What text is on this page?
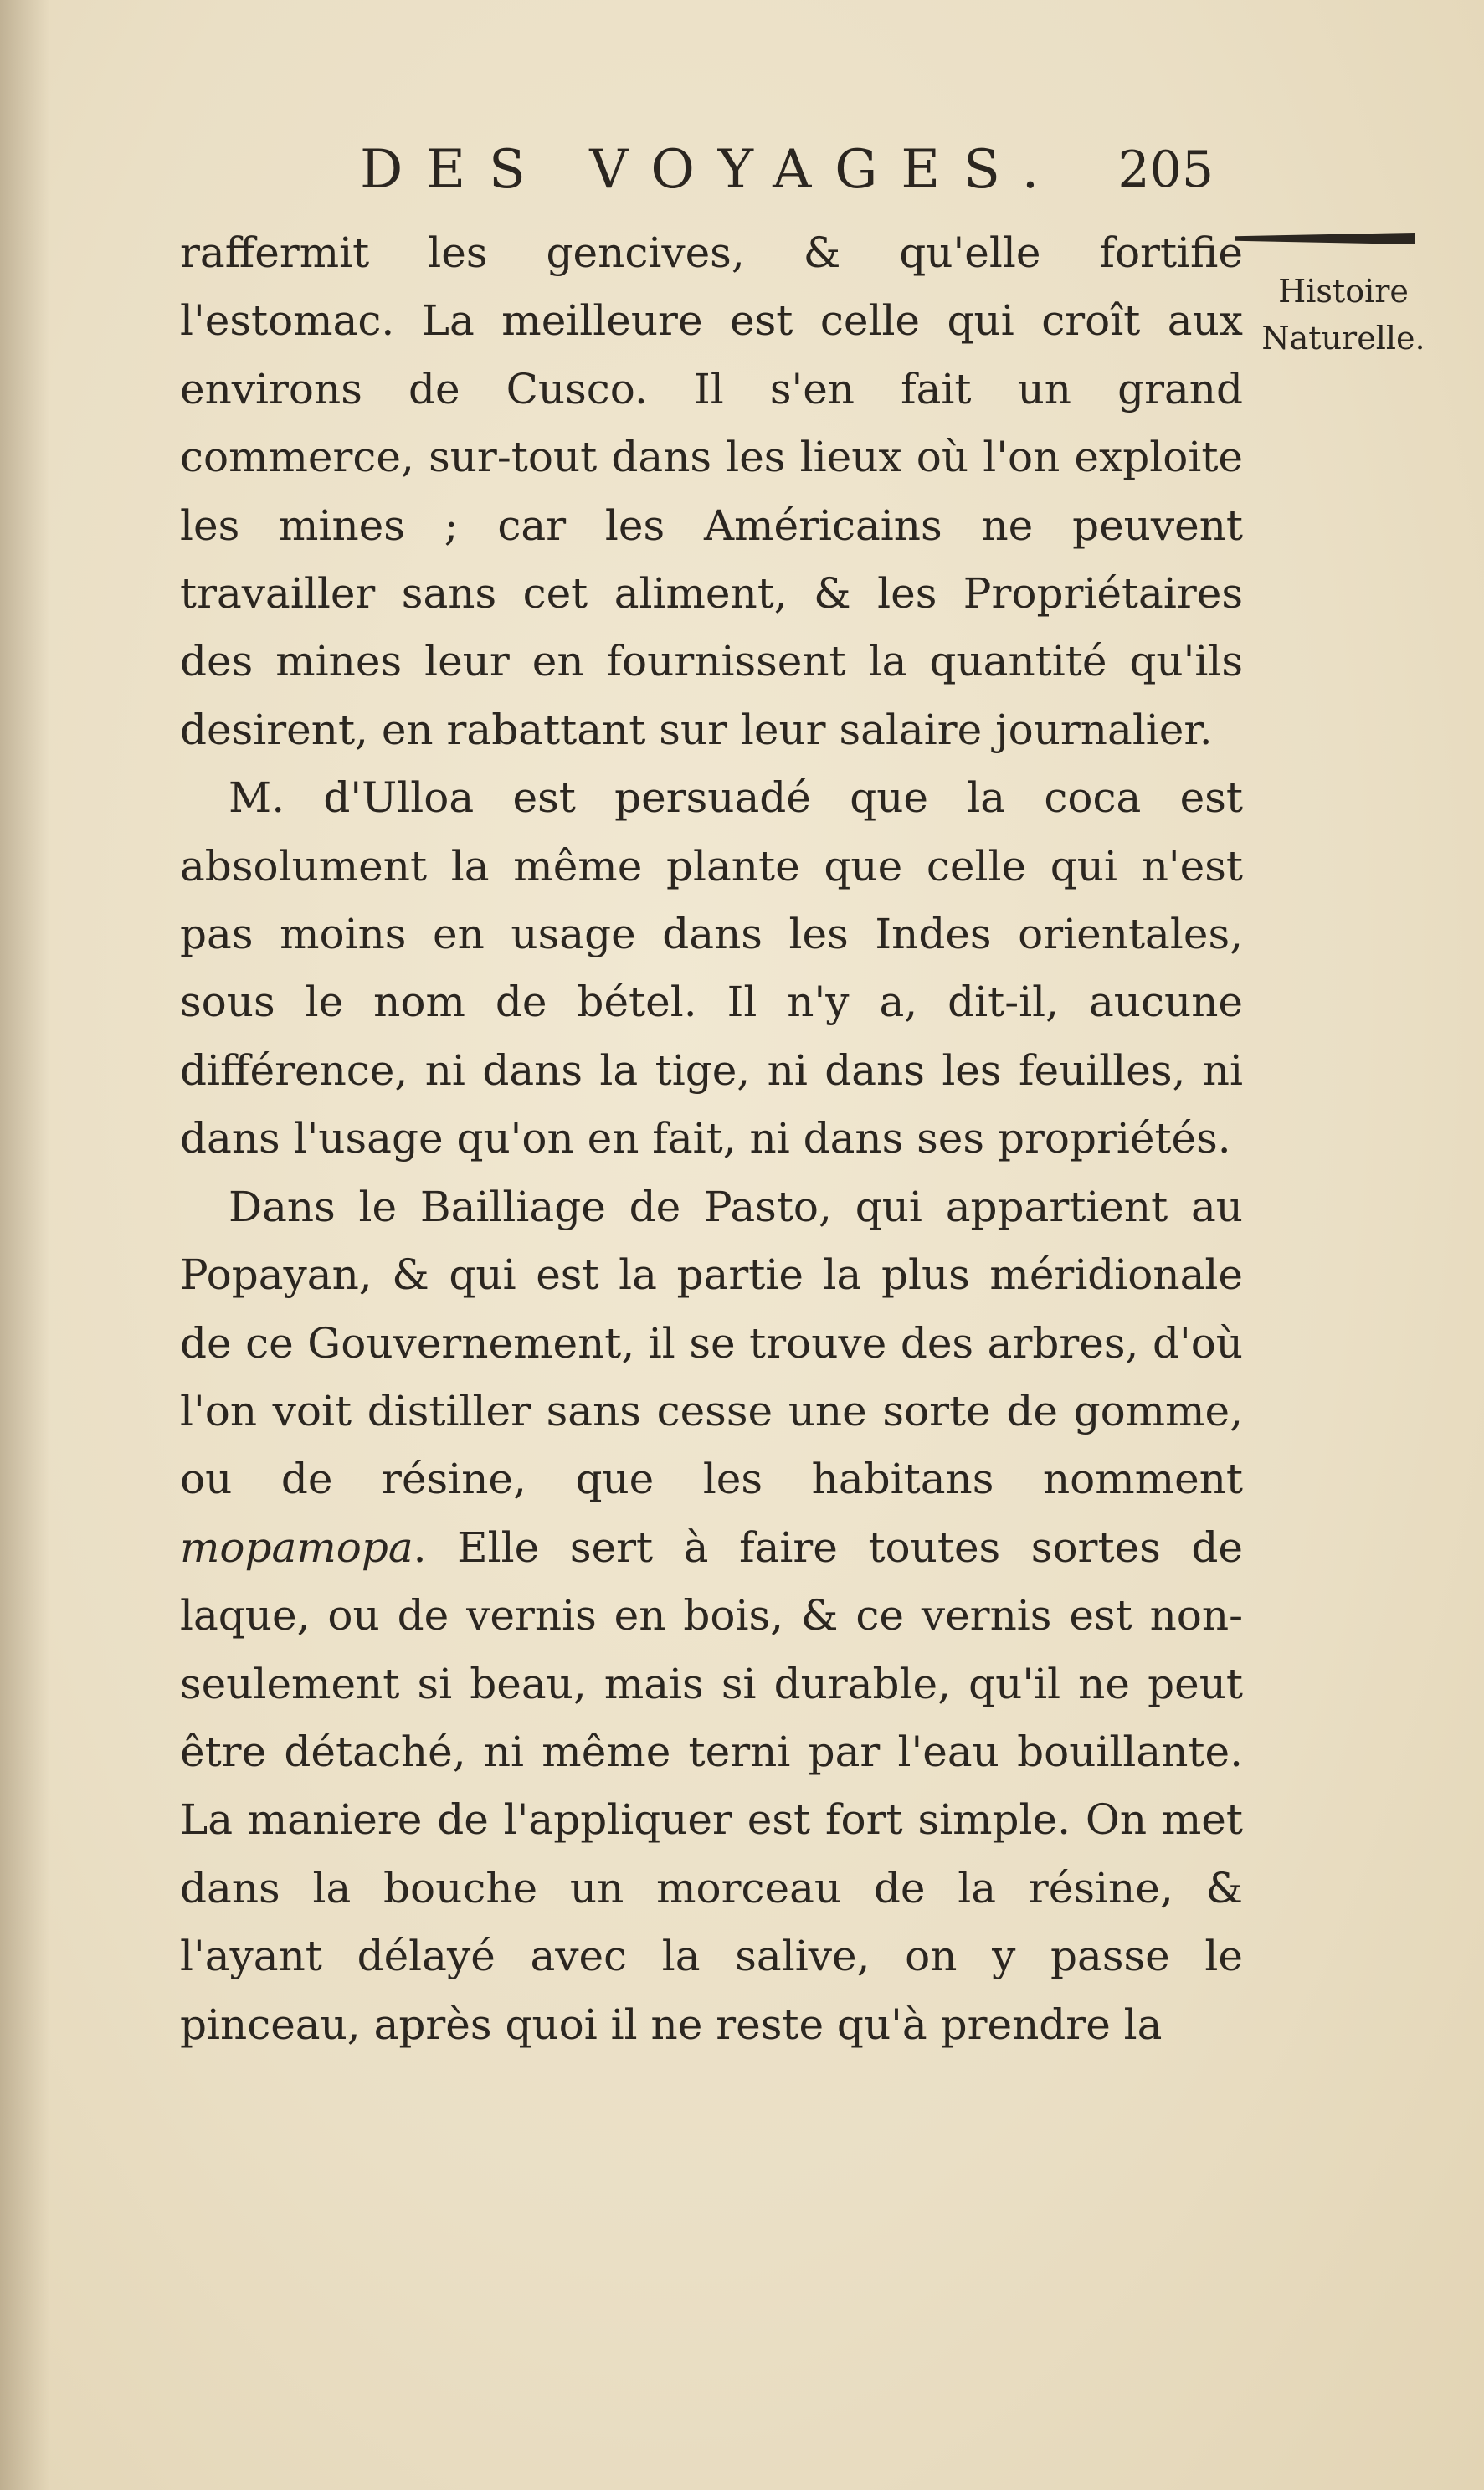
DES VOYAGES. 205
Histoire
Naturelle.

raffermit les gencives, & qu'elle fortifie l'estomac. La meilleure est celle qui croît aux environs de Cusco. Il s'en fait un grand commerce, sur-tout dans les lieux où l'on exploite les mines ; car les Américains ne peuvent travailler sans cet aliment, & les Propriétaires des mines leur en fournissent la quantité qu'ils desirent, en rabattant sur leur salaire journalier.

M. d'Ulloa est persuadé que la coca est absolument la même plante que celle qui n'est pas moins en usage dans les Indes orientales, sous le nom de bétel. Il n'y a, dit-il, aucune différence, ni dans la tige, ni dans les feuilles, ni dans l'usage qu'on en fait, ni dans ses propriétés.

Dans le Bailliage de Pasto, qui appartient au Popayan, & qui est la partie la plus méridionale de ce Gouvernement, il se trouve des arbres, d'où l'on voit distiller sans cesse une sorte de gomme, ou de résine, que les habitans nomment mopamopa. Elle sert à faire toutes sortes de laque, ou de vernis en bois, & ce vernis est non-seulement si beau, mais si durable, qu'il ne peut être détaché, ni même terni par l'eau bouillante. La maniere de l'appliquer est fort simple. On met dans la bouche un morceau de la résine, & l'ayant délayé avec la salive, on y passe le pinceau, après quoi il ne reste qu'à prendre la
